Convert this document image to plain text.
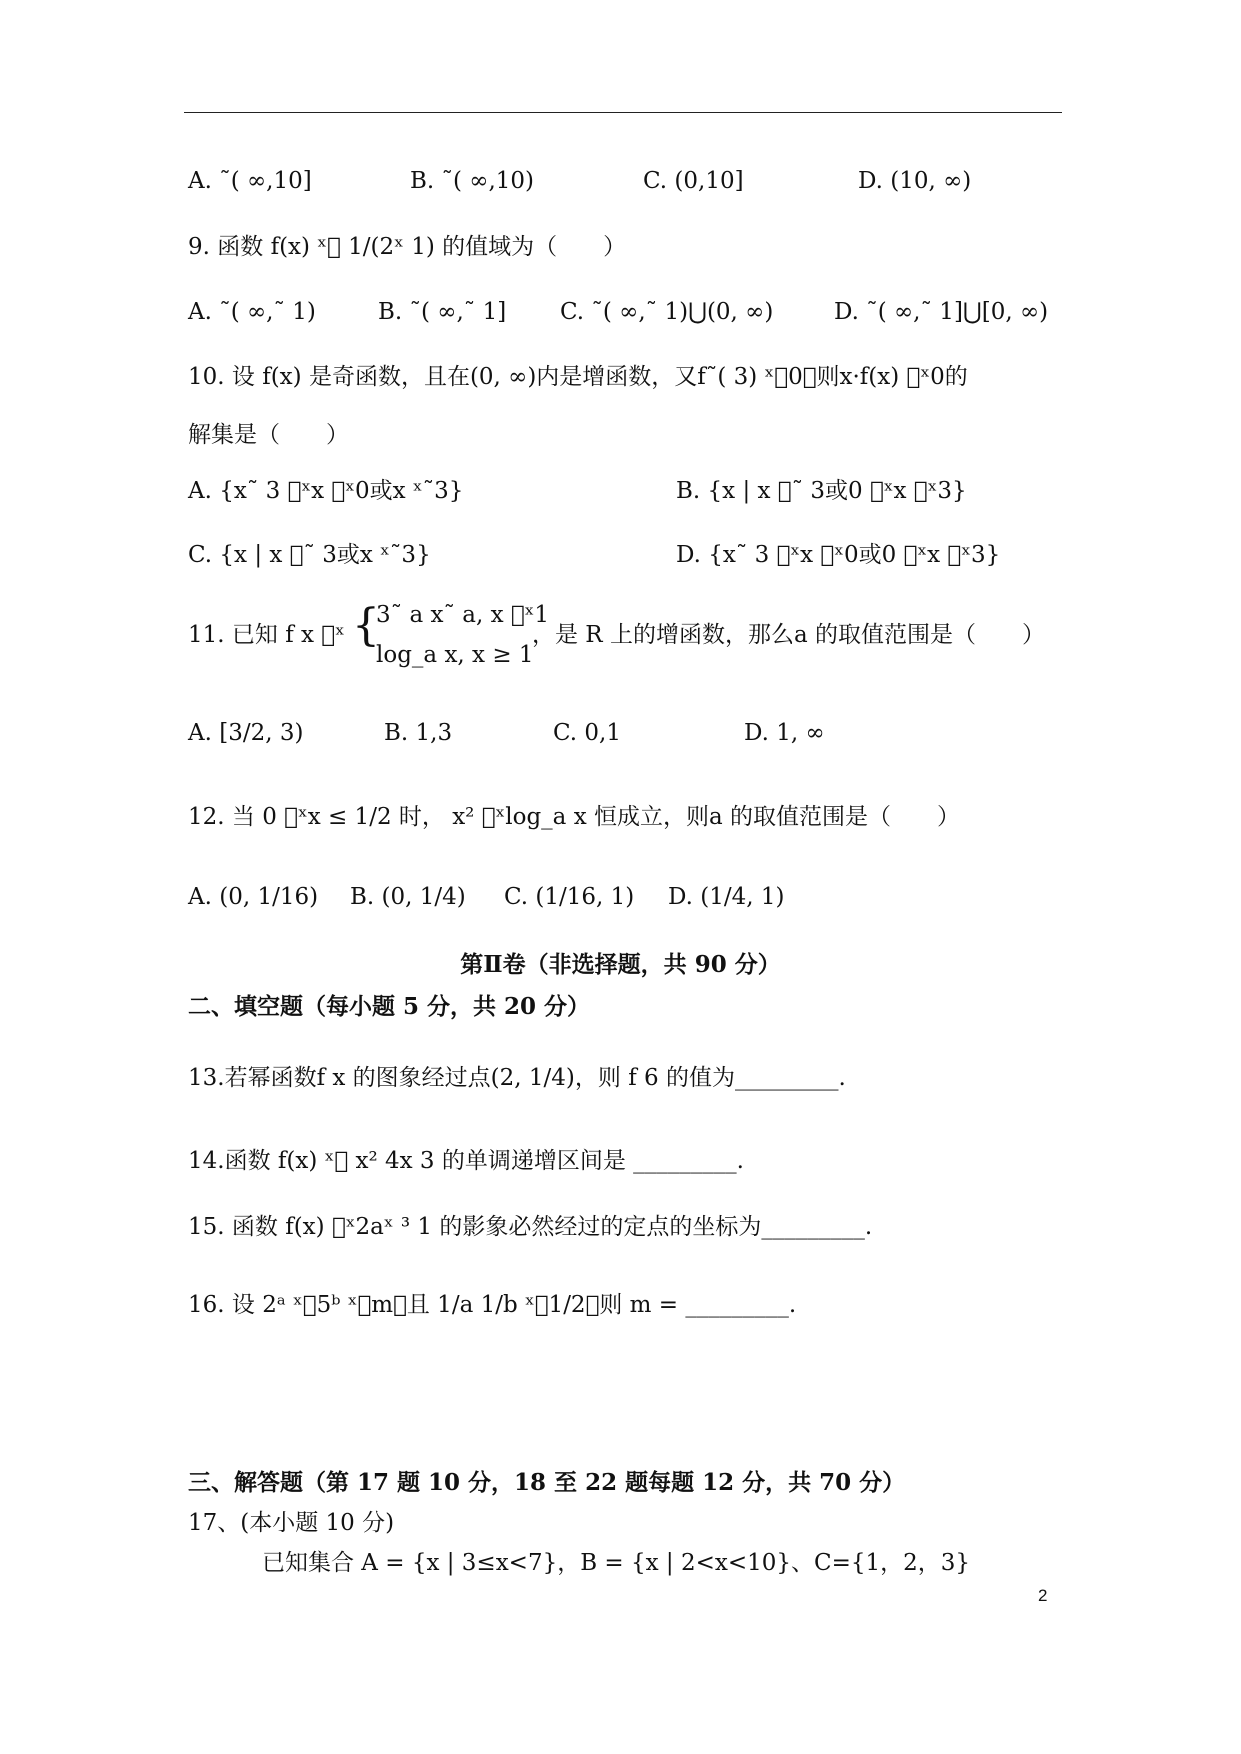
A. ˜( ∞,10]	B. ˜( ∞,10)	C. (0,10]	D. (10, ∞)
9. 函数 f(x) ˣ᪰ 1/(2ˣ 1) 的值域为（　　）
A. ˜( ∞,˜ 1)	B. ˜( ∞,˜ 1] C. ˜( ∞,˜ 1)⋃(0, ∞)	D. ˜( ∞,˜ 1]⋃[0, ∞)
10. 设 f(x) 是奇函数，且在(0, ∞)内是增函数，又f˜( 3) ˣ᪰0，则x·f(x) ᪰ˣ0的
解集是（　　）
A. {x˜ 3 ᪰ˣx ᪰ˣ0或x ˣ˜3}	B. {x | x ᪰˜ 3或0 ᪰ˣx ᪰ˣ3}
C. {x | x ᪰˜ 3或x ˣ˜3}	D. {x˜ 3 ᪰ˣx ᪰ˣ0或0 ᪰ˣx ᪰ˣ3}
11. 已知 f x ᪰ˣ {
3˜ a x˜ a, x ᪰ˣ1
log_a x, x ≥ 1
，是 R 上的增函数，那么a 的取值范围是（　　）
A. [3/2, 3)	B. 1,3	C. 0,1	D. 1, ∞
12. 当 0 ᪰ˣx ≤ 1/2 时， x² ᪰ˣlog_a x 恒成立，则a 的取值范围是（　　）
A. (0, 1/16) B. (0, 1/4) C. (1/16, 1) D. (1/4, 1)
第Ⅱ卷（非选择题，共 90 分）
二、填空题（每小题 5 分，共 20 分）
13.若幂函数f x 的图象经过点(2, 1/4)，则 f 6 的值为_________.
14.函数 f(x) ˣ᪰ x² 4x 3 的单调递增区间是 _________.
15. 函数 f(x) ᪰ˣ2aˣ ³ 1 的影象必然经过的定点的坐标为_________.
16. 设 2ᵃ ˣ᪰5ᵇ ˣ᪰m，且 1/a 1/b ˣ᪰1/2，则 m = _________.
三、解答题（第 17 题 10 分，18 至 22 题每题 12 分，共 70 分）
17、(本小题 10 分)
已知集合 A = {x | 3≤x<7}，B = {x | 2<x<10}、C={1，2，3}
2
